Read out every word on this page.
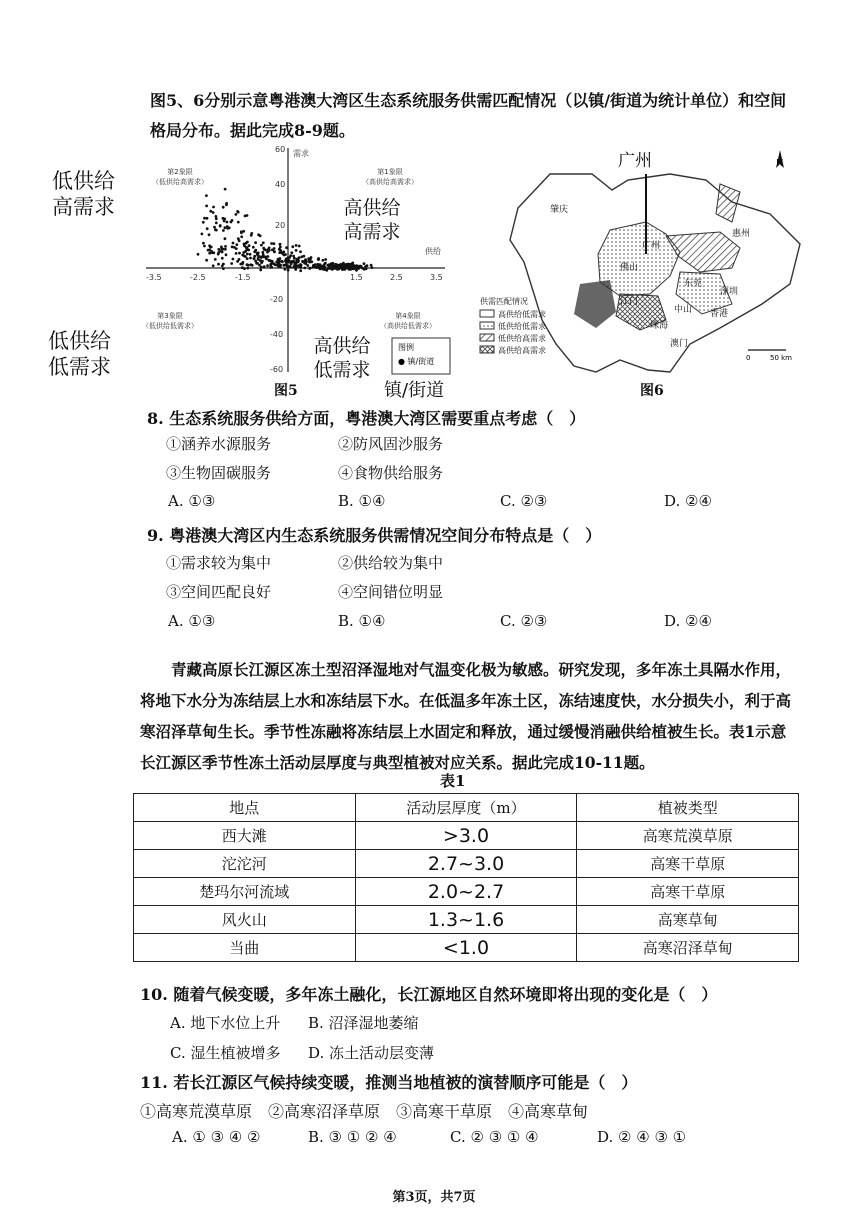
图5、6分别示意粤港澳大湾区生态系统服务供需匹配情况（以镇/街道为统计单位）和空间格局分布。据此完成8-9题。
低供给
高需求
低供给
低需求
-3.5	-2.5	-1.5	1.5	2.5	3.5
60
40
20
-20
-40
-60
供给
需求
第2象限
（低供给高需求）
第1象限
（高供给高需求）
第3象限
（低供给低需求）
第4象限
（高供给低需求）
高供给
高需求
高供给
低需求
图例
● 镇/街道
图5	镇/街道
肇庆
惠州
佛山
东莞
深圳
江门
中山 香港
珠海
澳门
广州
广州
供需匹配情况
高供给低需求
低供给低需求
低供给高需求
高供给高需求
0	50 km
图6
8. 生态系统服务供给方面，粤港澳大湾区需要重点考虑（　）
①涵养水源服务	②防风固沙服务
③生物固碳服务	④食物供给服务
A. ①③	B. ①④	C. ②③	D. ②④
9. 粤港澳大湾区内生态系统服务供需情况空间分布特点是（　）
①需求较为集中	②供给较为集中
③空间匹配良好	④空间错位明显
A. ①③	B. ①④	C. ②③	D. ②④
青藏高原长江源区冻土型沼泽湿地对气温变化极为敏感。研究发现，多年冻土具隔水作用，将地下水分为冻结层上水和冻结层下水。在低温多年冻土区，冻结速度快，水分损失小，利于高寒沼泽草甸生长。季节性冻融将冻结层上水固定和释放，通过缓慢消融供给植被生长。表1示意长江源区季节性冻土活动层厚度与典型植被对应关系。据此完成10-11题。
表1
地点	活动层厚度（m）	植被类型
西大滩	>3.0	高寒荒漠草原
沱沱河	2.7~3.0	高寒干草原
楚玛尔河流域	2.0~2.7	高寒干草原
风火山	1.3~1.6	高寒草甸
当曲	<1.0	高寒沼泽草甸
10. 随着气候变暖，多年冻土融化，长江源地区自然环境即将出现的变化是（　）
A. 地下水位上升 B. 沼泽湿地萎缩
C. 湿生植被增多 D. 冻土活动层变薄
11. 若长江源区气候持续变暖，推测当地植被的演替顺序可能是（　）
①高寒荒漠草原　②高寒沼泽草原　③高寒干草原　④高寒草甸
A. ① ③ ④ ②	B. ③ ① ② ④	C. ② ③ ① ④	D. ② ④ ③ ①
第3页，共7页
